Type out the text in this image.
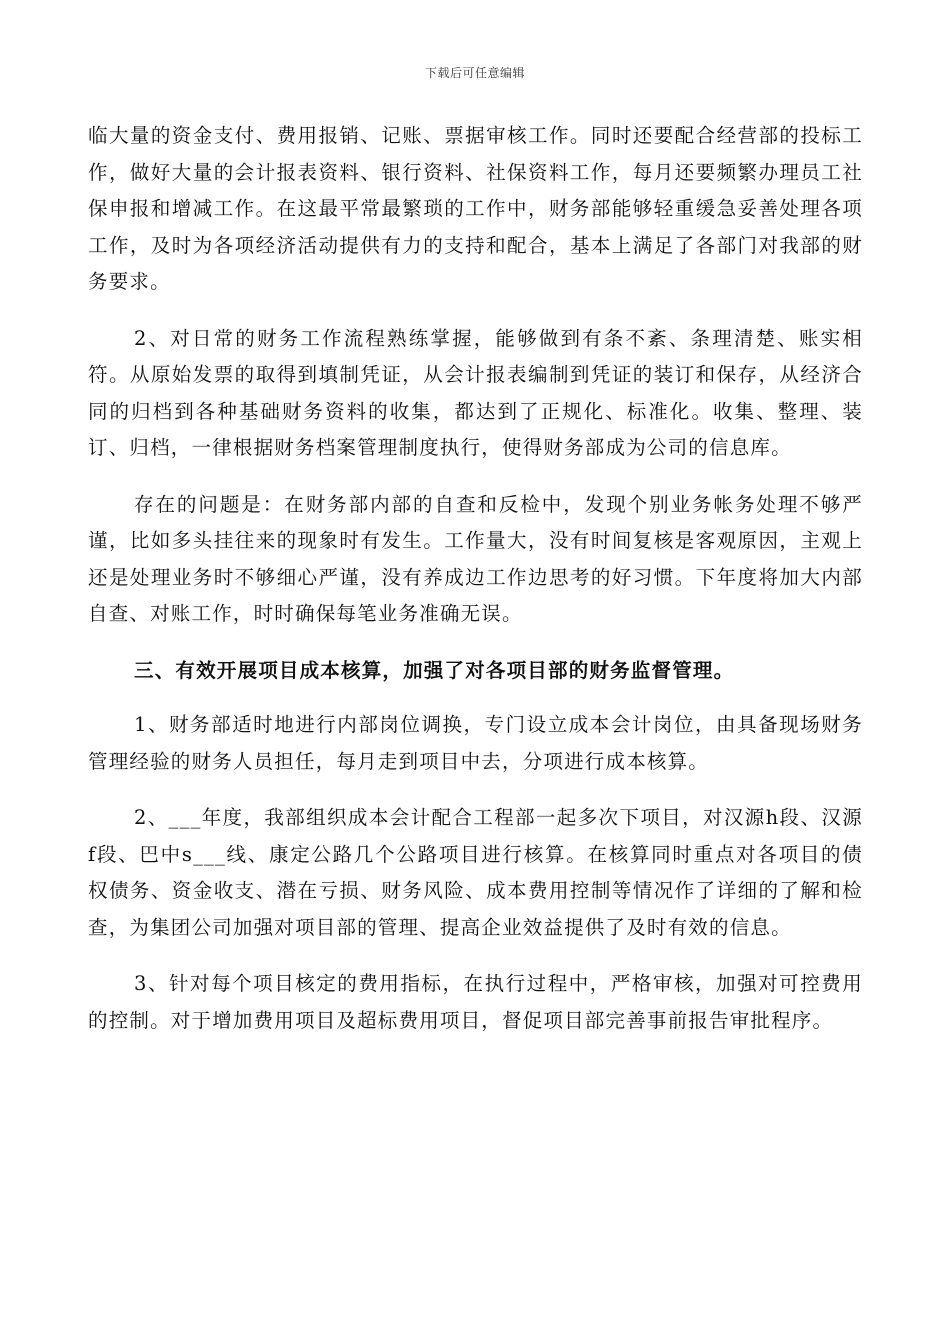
下载后可任意编辑

临大量的资金支付、费用报销、记账、票据审核工作。同时还要配合经营部的投标工作，做好大量的会计报表资料、银行资料、社保资料工作，每月还要频繁办理员工社保申报和增减工作。在这最平常最繁琐的工作中，财务部能够轻重缓急妥善处理各项工作，及时为各项经济活动提供有力的支持和配合，基本上满足了各部门对我部的财务要求。

2、对日常的财务工作流程熟练掌握，能够做到有条不紊、条理清楚、账实相符。从原始发票的取得到填制凭证，从会计报表编制到凭证的装订和保存，从经济合同的归档到各种基础财务资料的收集，都达到了正规化、标准化。收集、整理、装订、归档，一律根据财务档案管理制度执行，使得财务部成为公司的信息库。

存在的问题是：在财务部内部的自查和反检中，发现个别业务帐务处理不够严谨，比如多头挂往来的现象时有发生。工作量大，没有时间复核是客观原因，主观上还是处理业务时不够细心严谨，没有养成边工作边思考的好习惯。下年度将加大内部自查、对账工作，时时确保每笔业务准确无误。

三、有效开展项目成本核算，加强了对各项目部的财务监督管理。

1、财务部适时地进行内部岗位调换，专门设立成本会计岗位，由具备现场财务管理经验的财务人员担任，每月走到项目中去，分项进行成本核算。

2、___年度，我部组织成本会计配合工程部一起多次下项目，对汉源h段、汉源f段、巴中s___线、康定公路几个公路项目进行核算。在核算同时重点对各项目的债权债务、资金收支、潜在亏损、财务风险、成本费用控制等情况作了详细的了解和检查，为集团公司加强对项目部的管理、提高企业效益提供了及时有效的信息。

3、针对每个项目核定的费用指标，在执行过程中，严格审核，加强对可控费用的控制。对于增加费用项目及超标费用项目，督促项目部完善事前报告审批程序。
